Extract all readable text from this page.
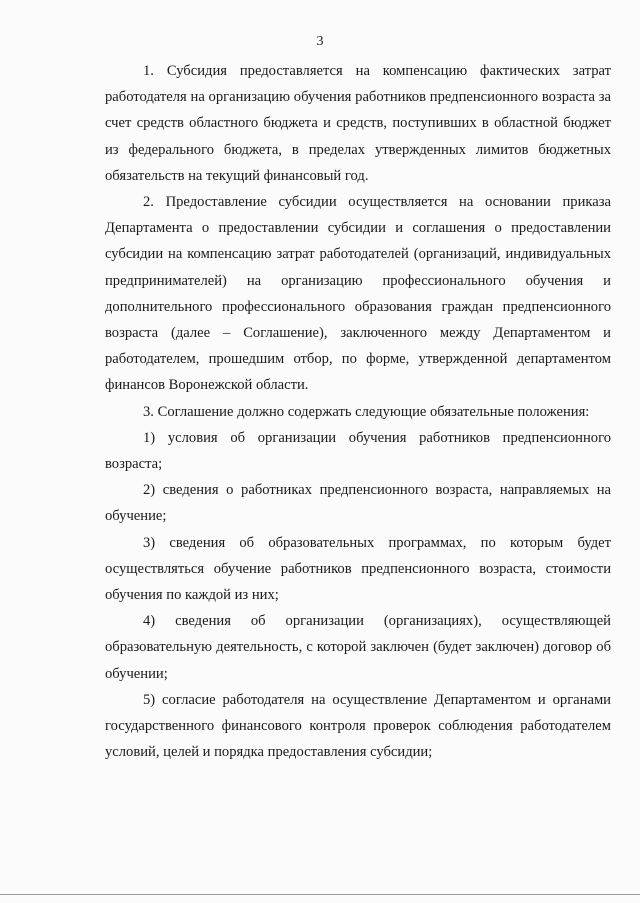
3

1. Субсидия предоставляется на компенсацию фактических затрат работодателя на организацию обучения работников предпенсионного возраста за счет средств областного бюджета и средств, поступивших в областной бюджет из федерального бюджета, в пределах утвержденных лимитов бюджетных обязательств на текущий финансовый год.

2. Предоставление субсидии осуществляется на основании приказа Департамента о предоставлении субсидии и соглашения о предоставлении субсидии на компенсацию затрат работодателей (организаций, индивидуальных предпринимателей) на организацию профессионального обучения и дополнительного профессионального образования граждан предпенсионного возраста (далее – Соглашение), заключенного между Департаментом и работодателем, прошедшим отбор, по форме, утвержденной департаментом финансов Воронежской области.

3. Соглашение должно содержать следующие обязательные положения:

1) условия об организации обучения работников предпенсионного возраста;

2) сведения о работниках предпенсионного возраста, направляемых на обучение;

3) сведения об образовательных программах, по которым будет осуществляться обучение работников предпенсионного возраста, стоимости обучения по каждой из них;

4) сведения об организации (организациях), осуществляющей образовательную деятельность, с которой заключен (будет заключен) договор об обучении;

5) согласие работодателя на осуществление Департаментом и органами государственного финансового контроля проверок соблюдения работодателем условий, целей и порядка предоставления субсидии;
